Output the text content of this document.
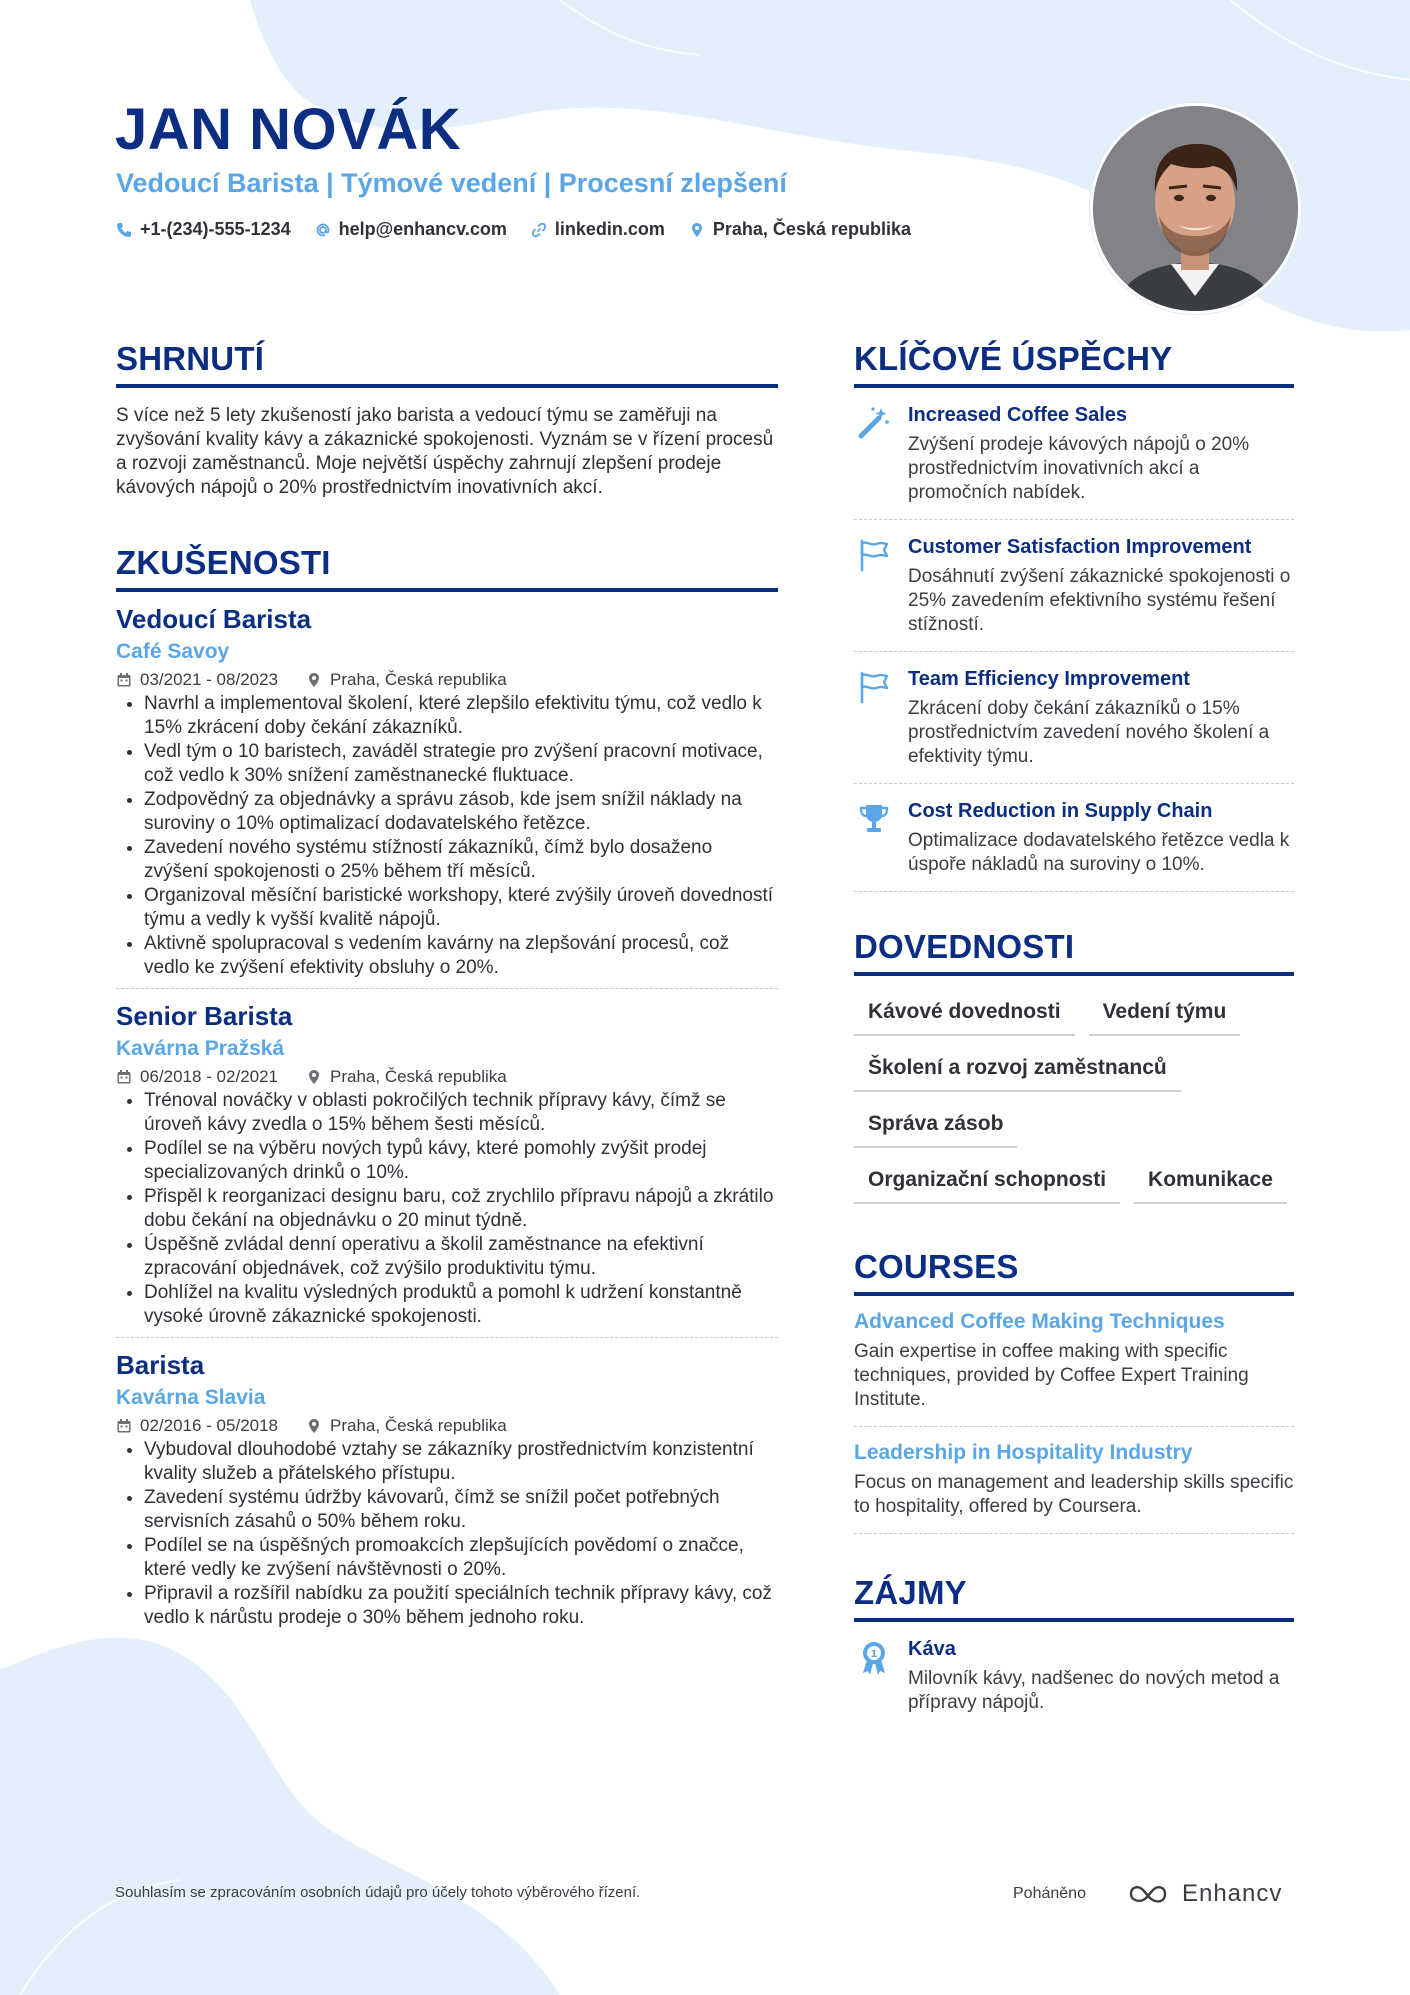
JAN NOVÁK
Vedoucí Barista | Týmové vedení | Procesní zlepšení
+1-(234)-555-1234	help@enhancv.com	linkedin.com	Praha, Česká republika
SHRNUTÍ

S více než 5 lety zkušeností jako barista a vedoucí týmu se zaměřuji na zvyšování kvality kávy a zákaznické spokojenosti. Vyznám se v řízení procesů a rozvoji zaměstnanců. Moje největší úspěchy zahrnují zlepšení prodeje kávových nápojů o 20% prostřednictvím inovativních akcí.

ZKUŠENOSTI
Vedoucí Barista
Café Savoy
03/2021 - 08/2023	Praha, Česká republika
• Navrhl a implementoval školení, které zlepšilo efektivitu týmu, což vedlo k 15% zkrácení doby čekání zákazníků.
• Vedl tým o 10 baristech, zaváděl strategie pro zvýšení pracovní motivace, což vedlo k 30% snížení zaměstnanecké fluktuace.
• Zodpovědný za objednávky a správu zásob, kde jsem snížil náklady na suroviny o 10% optimalizací dodavatelského řetězce.
• Zavedení nového systému stížností zákazníků, čímž bylo dosaženo zvýšení spokojenosti o 25% během tří měsíců.
• Organizoval měsíční baristické workshopy, které zvýšily úroveň dovedností týmu a vedly k vyšší kvalitě nápojů.
• Aktivně spolupracoval s vedením kavárny na zlepšování procesů, což vedlo ke zvýšení efektivity obsluhy o 20%.
Senior Barista
Kavárna Pražská
06/2018 - 02/2021	Praha, Česká republika
• Trénoval nováčky v oblasti pokročilých technik přípravy kávy, čímž se úroveň kávy zvedla o 15% během šesti měsíců.
• Podílel se na výběru nových typů kávy, které pomohly zvýšit prodej specializovaných drinků o 10%.
• Přispěl k reorganizaci designu baru, což zrychlilo přípravu nápojů a zkrátilo dobu čekání na objednávku o 20 minut týdně.
• Úspěšně zvládal denní operativu a školil zaměstnance na efektivní zpracování objednávek, což zvýšilo produktivitu týmu.
• Dohlížel na kvalitu výsledných produktů a pomohl k udržení konstantně vysoké úrovně zákaznické spokojenosti.
Barista
Kavárna Slavia
02/2016 - 05/2018	Praha, Česká republika
• Vybudoval dlouhodobé vztahy se zákazníky prostřednictvím konzistentní kvality služeb a přátelského přístupu.
• Zavedení systému údržby kávovarů, čímž se snížil počet potřebných servisních zásahů o 50% během roku.
• Podílel se na úspěšných promoakcích zlepšujících povědomí o značce, které vedly ke zvýšení návštěvnosti o 20%.
• Připravil a rozšířil nabídku za použití speciálních technik přípravy kávy, což vedlo k nárůstu prodeje o 30% během jednoho roku.
KLÍČOVÉ ÚSPĚCHY

Increased Coffee Sales

Zvýšení prodeje kávových nápojů o 20% prostřednictvím inovativních akcí a promočních nabídek.

Customer Satisfaction Improvement

Dosáhnutí zvýšení zákaznické spokojenosti o 25% zavedením efektivního systému řešení stížností.

Team Efficiency Improvement

Zkrácení doby čekání zákazníků o 15% prostřednictvím zavedení nového školení a efektivity týmu.

Cost Reduction in Supply Chain

Optimalizace dodavatelského řetězce vedla k úspoře nákladů na suroviny o 10%.

DOVEDNOSTI
Kávové dovednosti	Vedení týmu
Školení a rozvoj zaměstnanců
Správa zásob
Organizační schopnosti	Komunikace
COURSES

Advanced Coffee Making Techniques

Gain expertise in coffee making with specific techniques, provided by Coffee Expert Training Institute.

Leadership in Hospitality Industry

Focus on management and leadership skills specific to hospitality, offered by Coursera.

ZÁJMY
1 Káva

Milovník kávy, nadšenec do nových metod a přípravy nápojů.

Souhlasím se zpracováním osobních údajů pro účely tohoto výběrového řízení.	Poháněno	Enhancv
